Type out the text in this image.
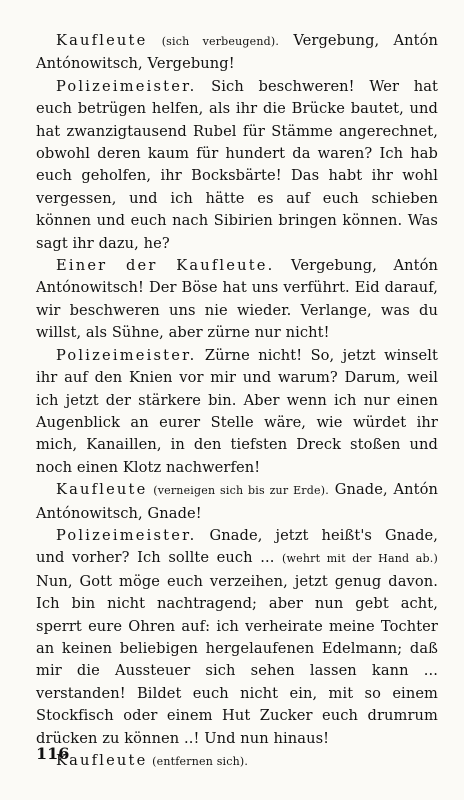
Kaufleute (sich verbeugend). Vergebung, Antón Antónowitsch, Vergebung!

Polizeimeister. Sich beschweren! Wer hat euch betrügen helfen, als ihr die Brücke bautet, und hat zwanzigtausend Rubel für Stämme angerechnet, obwohl deren kaum für hundert da waren? Ich hab euch geholfen, ihr Bocksbärte! Das habt ihr wohl vergessen, und ich hätte es auf euch schieben können und euch nach Sibirien bringen können. Was sagt ihr dazu, he?

Einer der Kaufleute. Vergebung, Antón Antónowitsch! Der Böse hat uns verführt. Eid darauf, wir beschweren uns nie wieder. Verlange, was du willst, als Sühne, aber zürne nur nicht!

Polizeimeister. Zürne nicht! So, jetzt winselt ihr auf den Knien vor mir und warum? Darum, weil ich jetzt der stärkere bin. Aber wenn ich nur einen Augenblick an eurer Stelle wäre, wie würdet ihr mich, Kanaillen, in den tiefsten Dreck stoßen und noch einen Klotz nachwerfen!

Kaufleute (verneigen sich bis zur Erde). Gnade, Antón Antónowitsch, Gnade!

Polizeimeister. Gnade, jetzt heißt's Gnade, und vorher? Ich sollte euch ... (wehrt mit der Hand ab.) Nun, Gott möge euch verzeihen, jetzt genug davon. Ich bin nicht nachtragend; aber nun gebt acht, sperrt eure Ohren auf: ich verheirate meine Tochter an keinen beliebigen hergelaufenen Edelmann; daß mir die Aussteuer sich sehen lassen kann ... verstanden! Bildet euch nicht ein, mit so einem Stockfisch oder einem Hut Zucker euch drumrum drücken zu können ..! Und nun hinaus!

Kaufleute (entfernen sich).

116
